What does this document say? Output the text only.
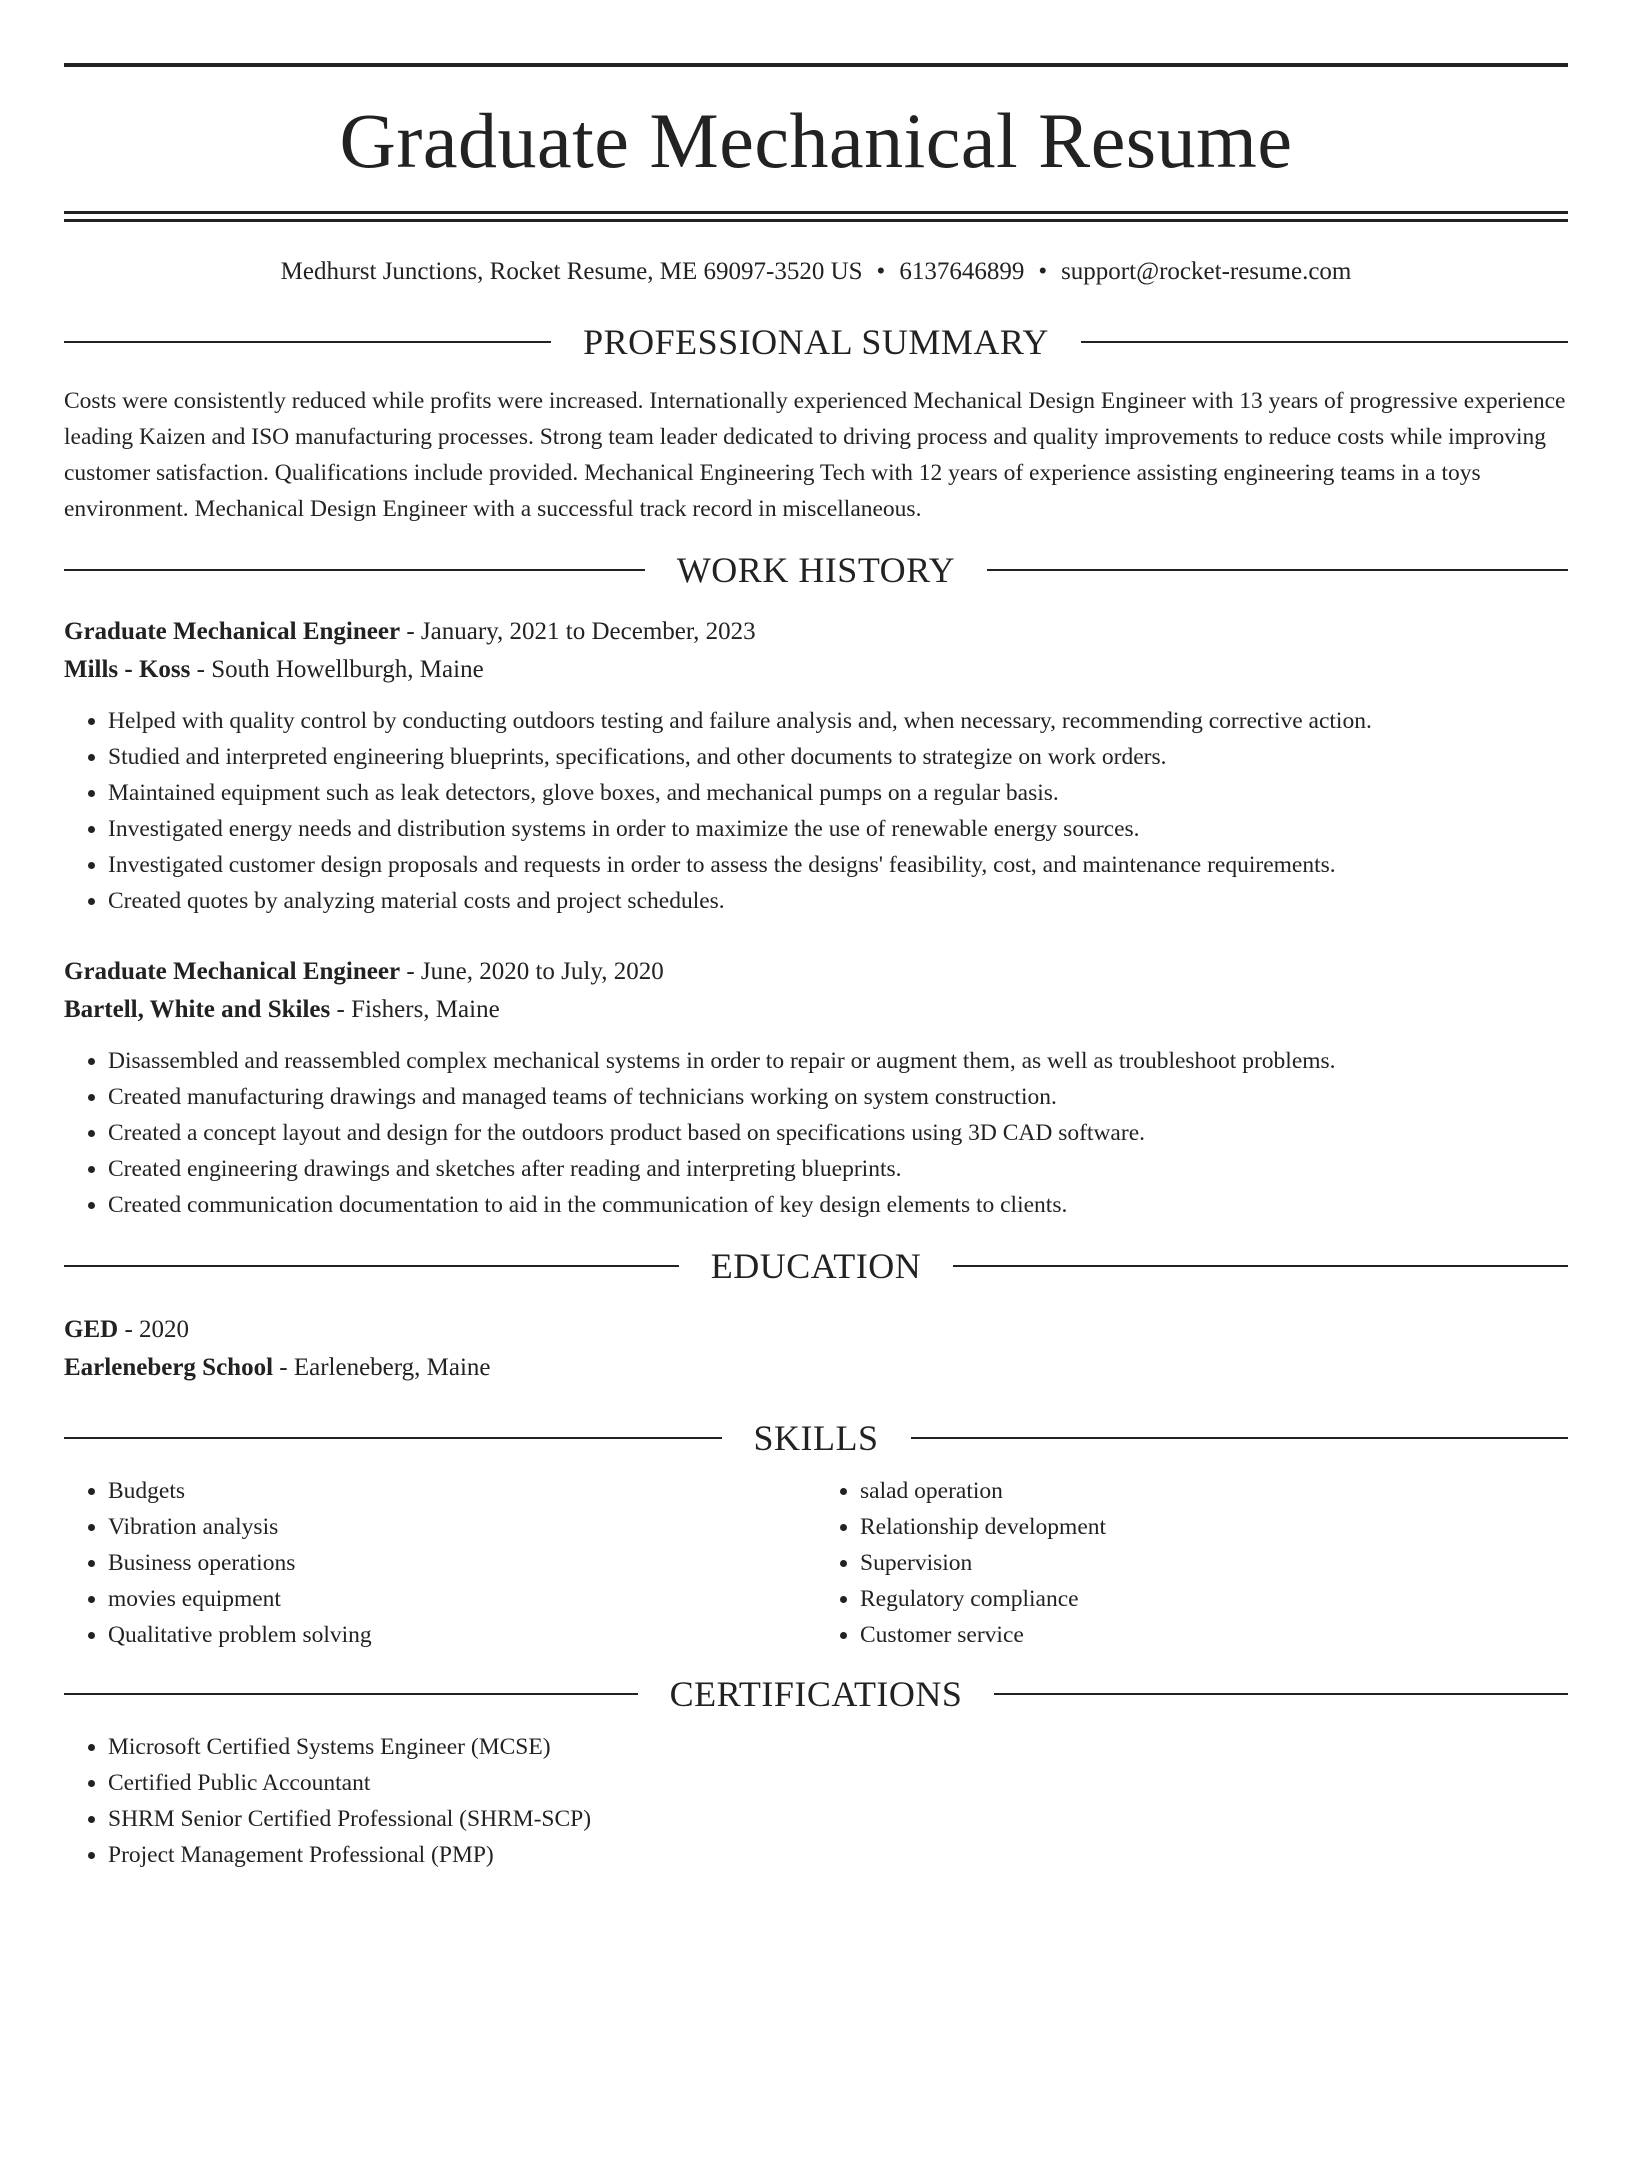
Graduate Mechanical Resume
Medhurst Junctions, Rocket Resume, ME 69097-3520 US • 6137646899 • support@rocket-resume.com
PROFESSIONAL SUMMARY

Costs were consistently reduced while profits were increased. Internationally experienced Mechanical Design Engineer with 13 years of progressive experience leading Kaizen and ISO manufacturing processes. Strong team leader dedicated to driving process and quality improvements to reduce costs while improving customer satisfaction. Qualifications include provided. Mechanical Engineering Tech with 12 years of experience assisting engineering teams in a toys environment. Mechanical Design Engineer with a successful track record in miscellaneous.

WORK HISTORY
Graduate Mechanical Engineer - January, 2021 to December, 2023
Mills - Koss - South Howellburgh, Maine
• Helped with quality control by conducting outdoors testing and failure analysis and, when necessary, recommending corrective action.
• Studied and interpreted engineering blueprints, specifications, and other documents to strategize on work orders.
• Maintained equipment such as leak detectors, glove boxes, and mechanical pumps on a regular basis.
• Investigated energy needs and distribution systems in order to maximize the use of renewable energy sources.
• Investigated customer design proposals and requests in order to assess the designs' feasibility, cost, and maintenance requirements.
• Created quotes by analyzing material costs and project schedules.
Graduate Mechanical Engineer - June, 2020 to July, 2020
Bartell, White and Skiles - Fishers, Maine
• Disassembled and reassembled complex mechanical systems in order to repair or augment them, as well as troubleshoot problems.
• Created manufacturing drawings and managed teams of technicians working on system construction.
• Created a concept layout and design for the outdoors product based on specifications using 3D CAD software.
• Created engineering drawings and sketches after reading and interpreting blueprints.
• Created communication documentation to aid in the communication of key design elements to clients.
EDUCATION
GED - 2020
Earleneberg School - Earleneberg, Maine
SKILLS
• Budgets
• Vibration analysis
• Business operations
• movies equipment
• Qualitative problem solving
• salad operation
• Relationship development
• Supervision
• Regulatory compliance
• Customer service
CERTIFICATIONS
• Microsoft Certified Systems Engineer (MCSE)
• Certified Public Accountant
• SHRM Senior Certified Professional (SHRM-SCP)
• Project Management Professional (PMP)
